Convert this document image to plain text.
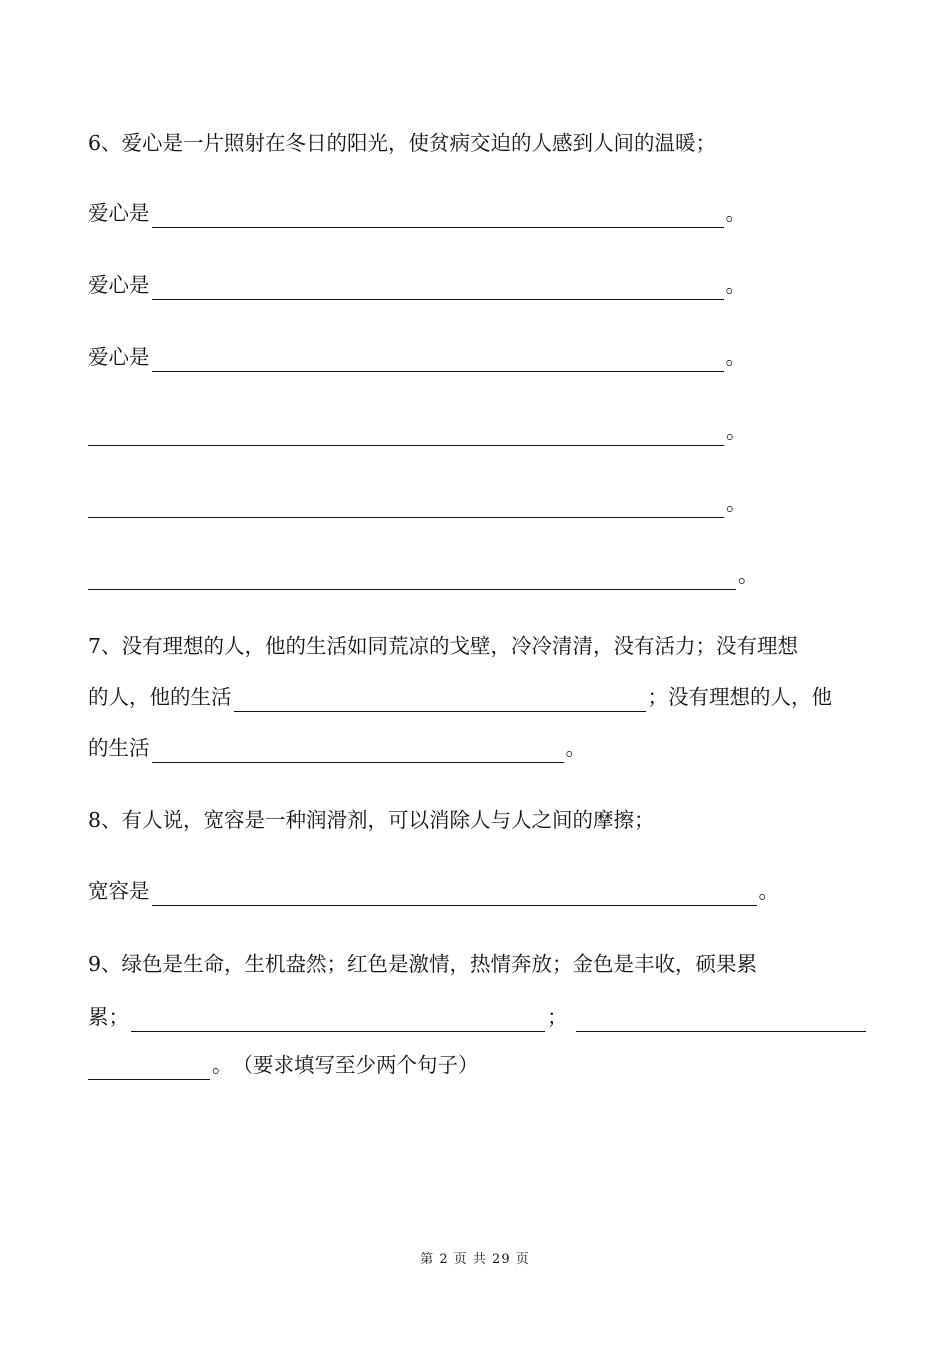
6、爱心是一片照射在冬日的阳光，使贫病交迫的人感到人间的温暖；
爱心是	。
爱心是	。
爱心是	。
。
。
。
7、没有理想的人，他的生活如同荒凉的戈壁，冷冷清清，没有活力；没有理想
的人，他的生活	；没有理想的人，他
的生活	。
8、有人说，宽容是一种润滑剂，可以消除人与人之间的摩擦；
宽容是	。
9、绿色是生命，生机盎然；红色是激情，热情奔放；金色是丰收，硕果累
累；	；
。 （要求填写至少两个句子）
第 2 页 共 29 页
